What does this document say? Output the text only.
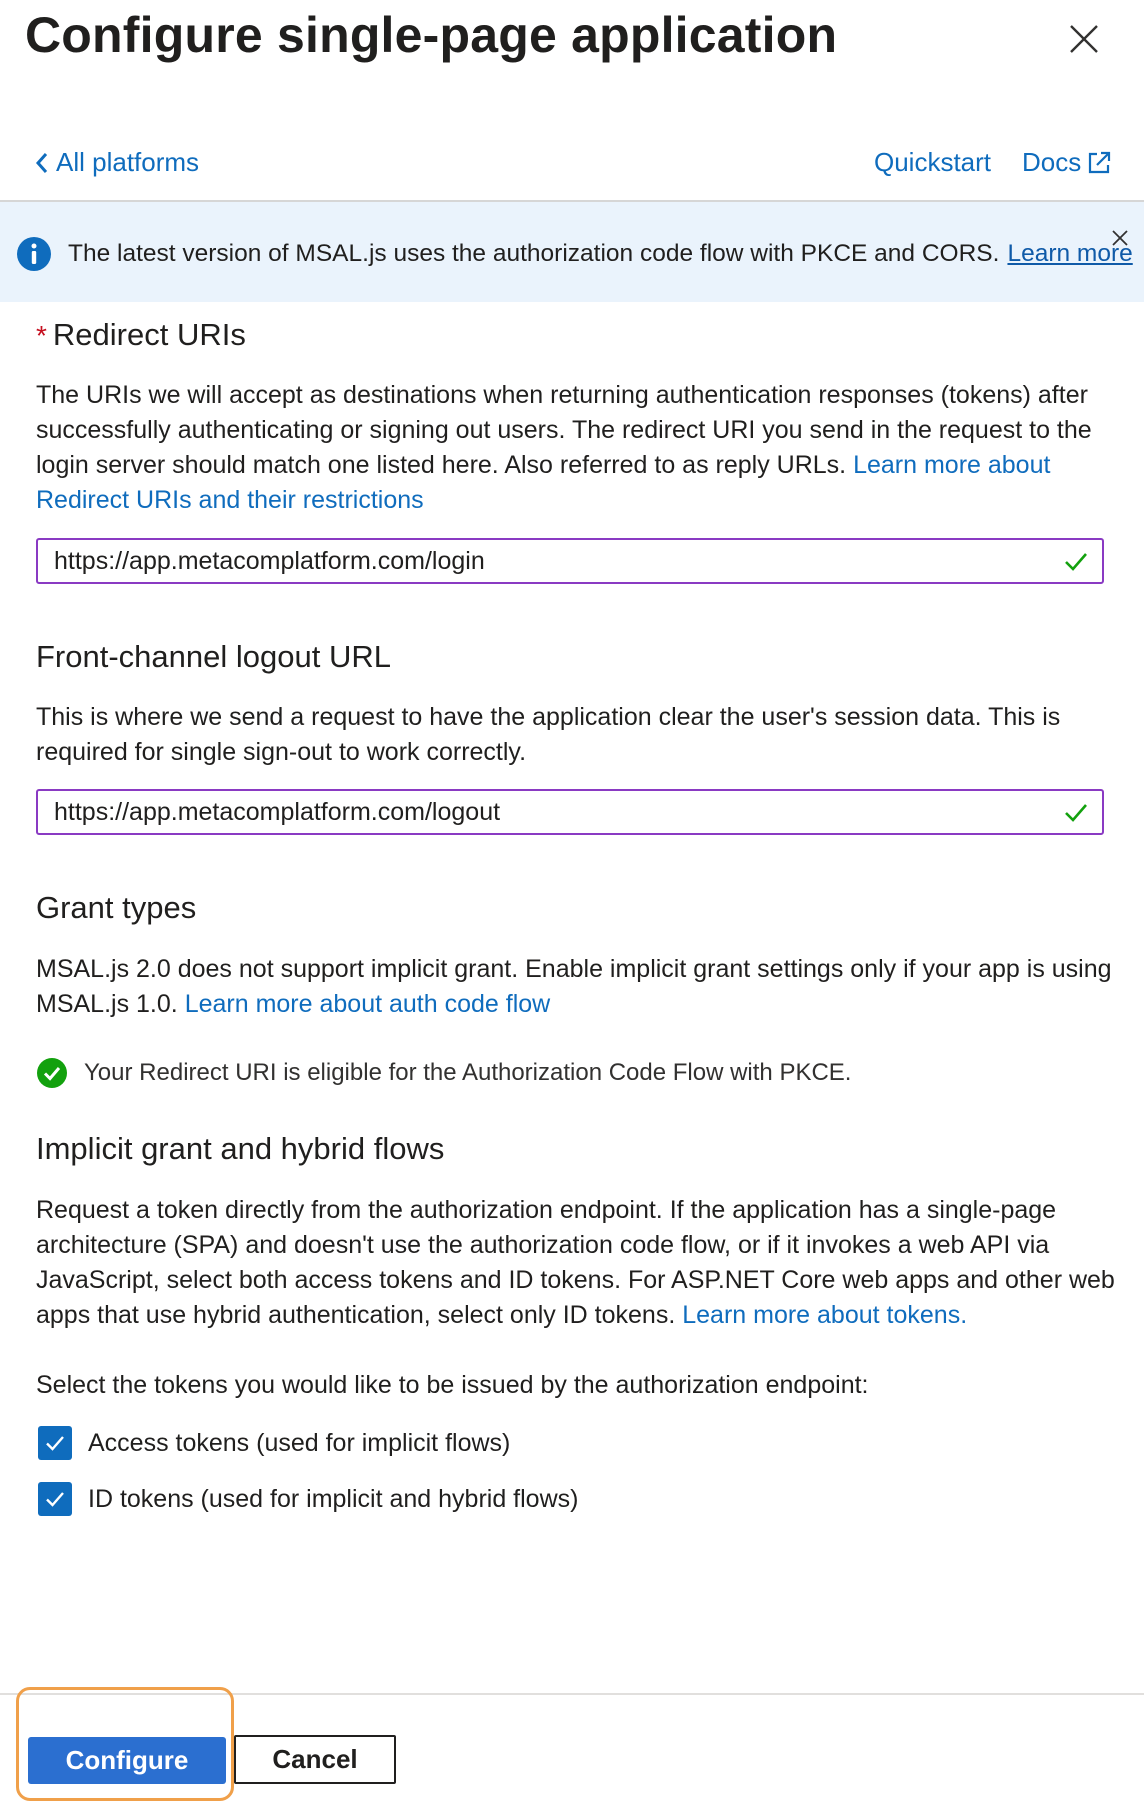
Configure single-page application
All platforms	Quickstart Docs
The latest version of MSAL.js uses the authorization code flow with PKCE and CORS. Learn more
* Redirect URIs
The URIs we will accept as destinations when returning authentication responses (tokens) after successfully authenticating or signing out users. The redirect URI you send in the request to the login server should match one listed here. Also referred to as reply URLs. Learn more about Redirect URIs and their restrictions
https://app.metacomplatform.com/login
Front-channel logout URL
This is where we send a request to have the application clear the user's session data. This is required for single sign-out to work correctly.
https://app.metacomplatform.com/logout
Grant types
MSAL.js 2.0 does not support implicit grant. Enable implicit grant settings only if your app is using MSAL.js 1.0. Learn more about auth code flow
Your Redirect URI is eligible for the Authorization Code Flow with PKCE.
Implicit grant and hybrid flows
Request a token directly from the authorization endpoint. If the application has a single-page architecture (SPA) and doesn't use the authorization code flow, or if it invokes a web API via JavaScript, select both access tokens and ID tokens. For ASP.NET Core web apps and other web apps that use hybrid authentication, select only ID tokens. Learn more about tokens.
Select the tokens you would like to be issued by the authorization endpoint:
Access tokens (used for implicit flows)
ID tokens (used for implicit and hybrid flows)
Configure	Cancel
